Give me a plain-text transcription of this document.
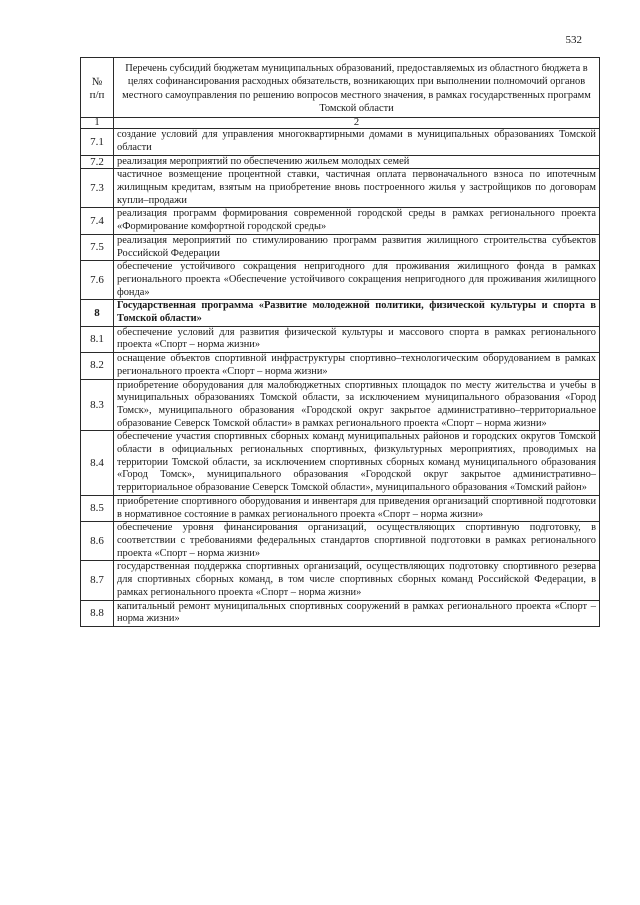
532
№
п/п	Перечень субсидий бюджетам муниципальных образований, предоставляемых из областного бюджета в целях софинансирования расходных обязательств, возникающих при выполнении полномочий органов местного самоуправления по решению вопросов местного значения, в рамках государственных программ Томской области
1	2
7.1	создание условий для управления многоквартирными домами в муниципальных образованиях Томской области
7.2	реализация мероприятий по обеспечению жильем молодых семей
7.3	частичное возмещение процентной ставки, частичная оплата первоначального взноса по ипотечным жилищным кредитам, взятым на приобретение вновь построенного жилья у застройщиков по договорам купли–продажи
7.4	реализация программ формирования современной городской среды в рамках регионального проекта «Формирование комфортной городской среды»
7.5	реализация мероприятий по стимулированию программ развития жилищного строительства субъектов Российской Федерации
7.6	обеспечение устойчивого сокращения непригодного для проживания жилищного фонда в рамках регионального проекта «Обеспечение устойчивого сокращения непригодного для проживания жилищного фонда»
8	Государственная программа «Развитие молодежной политики, физической культуры и спорта в Томской области»
8.1	обеспечение условий для развития физической культуры и массового спорта в рамках регионального проекта «Спорт – норма жизни»
8.2	оснащение объектов спортивной инфраструктуры спортивно–технологическим оборудованием в рамках регионального проекта «Спорт – норма жизни»
8.3	приобретение оборудования для малобюджетных спортивных площадок по месту жительства и учебы в муниципальных образованиях Томской области, за исключением муниципального образования «Город Томск», муниципального образования «Городской округ закрытое административно–территориальное образование Северск Томской области» в рамках регионального проекта «Спорт – норма жизни»
8.4	обеспечение участия спортивных сборных команд муниципальных районов и городских округов Томской области в официальных региональных спортивных, физкультурных мероприятиях, проводимых на территории Томской области, за исключением спортивных сборных команд муниципального образования «Город Томск», муниципального образования «Городской округ закрытое административно–территориальное образование Северск Томской области», муниципального образования «Томский район»
8.5	приобретение спортивного оборудования и инвентаря для приведения организаций спортивной подготовки в нормативное состояние в рамках регионального проекта «Спорт – норма жизни»
8.6	обеспечение уровня финансирования организаций, осуществляющих спортивную подготовку, в соответствии с требованиями федеральных стандартов спортивной подготовки в рамках регионального проекта «Спорт – норма жизни»
8.7	государственная поддержка спортивных организаций, осуществляющих подготовку спортивного резерва для спортивных сборных команд, в том числе спортивных сборных команд Российской Федерации, в рамках регионального проекта «Спорт – норма жизни»
8.8	капитальный ремонт муниципальных спортивных сооружений в рамках регионального проекта «Спорт – норма жизни»
